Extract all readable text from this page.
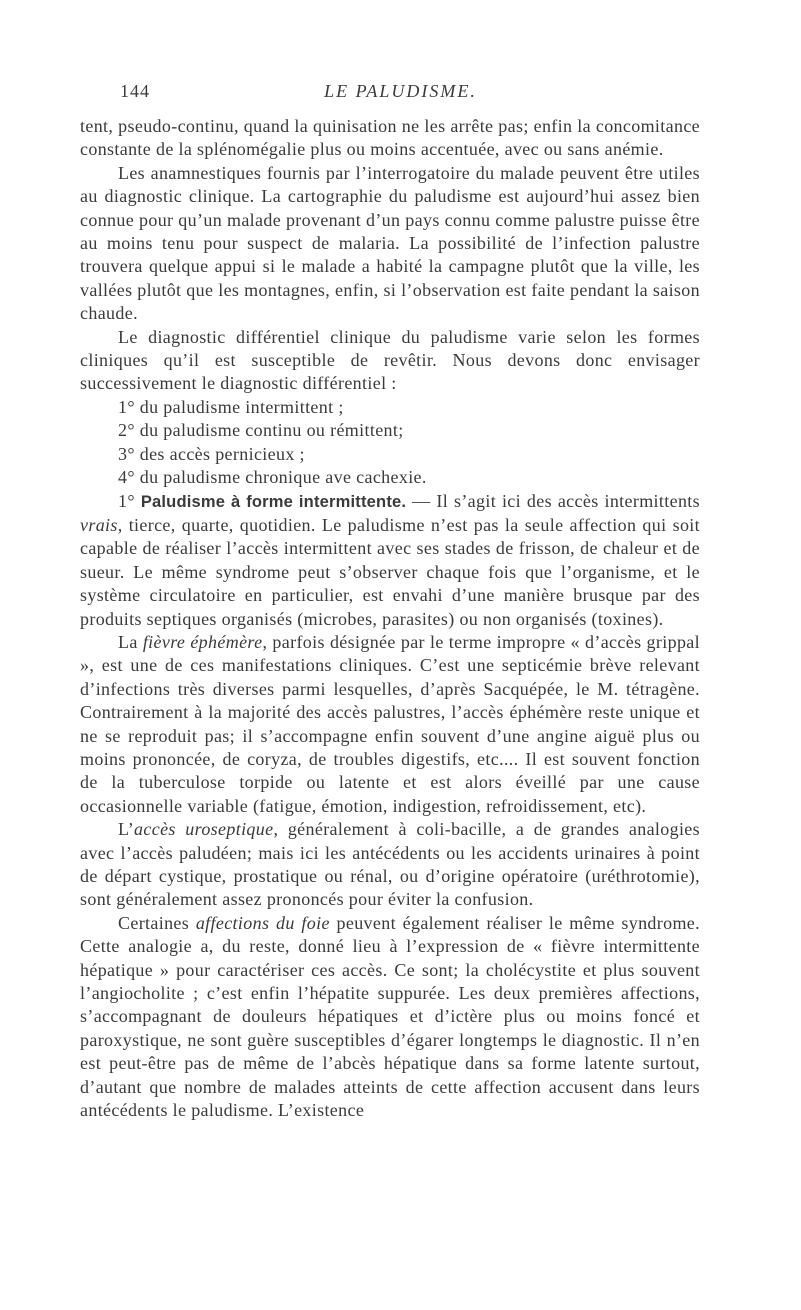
144	LE PALUDISME.

tent, pseudo-continu, quand la quinisation ne les arrête pas; enfin la concomitance constante de la splénomégalie plus ou moins accentuée, avec ou sans anémie.

Les anamnestiques fournis par l’interrogatoire du malade peuvent être utiles au diagnostic clinique. La cartographie du paludisme est aujourd’hui assez bien connue pour qu’un malade provenant d’un pays connu comme palustre puisse être au moins tenu pour suspect de malaria. La possibilité de l’infection palustre trouvera quelque appui si le malade a habité la campagne plutôt que la ville, les vallées plutôt que les montagnes, enfin, si l’observation est faite pendant la saison chaude.

Le diagnostic différentiel clinique du paludisme varie selon les formes cliniques qu’il est susceptible de revêtir. Nous devons donc envisager successivement le diagnostic différentiel :

1° du paludisme intermittent ;

2° du paludisme continu ou rémittent;

3° des accès pernicieux ;

4° du paludisme chronique ave cachexie.

1° Paludisme à forme intermittente. — Il s’agit ici des accès intermittents vrais, tierce, quarte, quotidien. Le paludisme n’est pas la seule affection qui soit capable de réaliser l’accès intermittent avec ses stades de frisson, de chaleur et de sueur. Le même syndrome peut s’observer chaque fois que l’organisme, et le système circulatoire en particulier, est envahi d’une manière brusque par des produits septiques organisés (microbes, parasites) ou non organisés (toxines).

La fièvre éphémère, parfois désignée par le terme impropre « d’accès grippal », est une de ces manifestations cliniques. C’est une septicémie brève relevant d’infections très diverses parmi lesquelles, d’après Sacquépée, le M. tétragène. Contrairement à la majorité des accès palustres, l’accès éphémère reste unique et ne se reproduit pas; il s’accompagne enfin souvent d’une angine aiguë plus ou moins prononcée, de coryza, de troubles digestifs, etc.... Il est souvent fonction de la tuberculose torpide ou latente et est alors éveillé par une cause occasionnelle variable (fatigue, émotion, indigestion, refroidissement, etc).

L’accès uroseptique, généralement à coli-bacille, a de grandes analogies avec l’accès paludéen; mais ici les antécédents ou les accidents urinaires à point de départ cystique, prostatique ou rénal, ou d’origine opératoire (uréthrotomie), sont généralement assez prononcés pour éviter la confusion.

Certaines affections du foie peuvent également réaliser le même syndrome. Cette analogie a, du reste, donné lieu à l’expression de « fièvre intermittente hépatique » pour caractériser ces accès. Ce sont; la cholécystite et plus souvent l’angiocholite ; c’est enfin l’hépatite suppurée. Les deux premières affections, s’accompagnant de douleurs hépatiques et d’ictère plus ou moins foncé et paroxystique, ne sont guère susceptibles d’égarer longtemps le diagnostic. Il n’en est peut-être pas de même de l’abcès hépatique dans sa forme latente surtout, d’autant que nombre de malades atteints de cette affection accusent dans leurs antécédents le paludisme. L’existence
